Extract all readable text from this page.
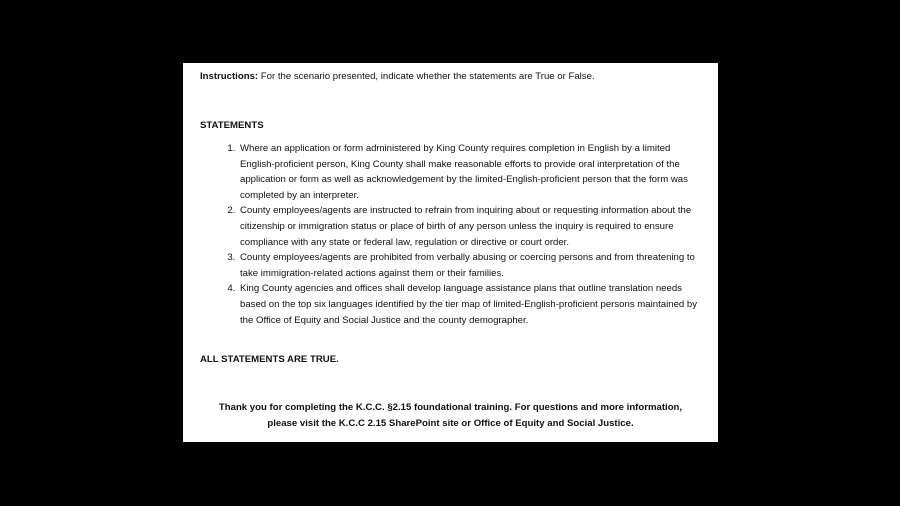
Instructions: For the scenario presented, indicate whether the statements are True or False.
STATEMENTS
1. Where an application or form administered by King County requires completion in English by a limited English-proficient person, King County shall make reasonable efforts to provide oral interpretation of the application or form as well as acknowledgement by the limited-English-proficient person that the form was completed by an interpreter.
2. County employees/agents are instructed to refrain from inquiring about or requesting information about the citizenship or immigration status or place of birth of any person unless the inquiry is required to ensure compliance with any state or federal law, regulation or directive or court order.
3. County employees/agents are prohibited from verbally abusing or coercing persons and from threatening to take immigration-related actions against them or their families.
4. King County agencies and offices shall develop language assistance plans that outline translation needs based on the top six languages identified by the tier map of limited-English-proficient persons maintained by the Office of Equity and Social Justice and the county demographer.
ALL STATEMENTS ARE TRUE.
Thank you for completing the K.C.C. §2.15 foundational training. For questions and more information,
please visit the K.C.C 2.15 SharePoint site or Office of Equity and Social Justice.
